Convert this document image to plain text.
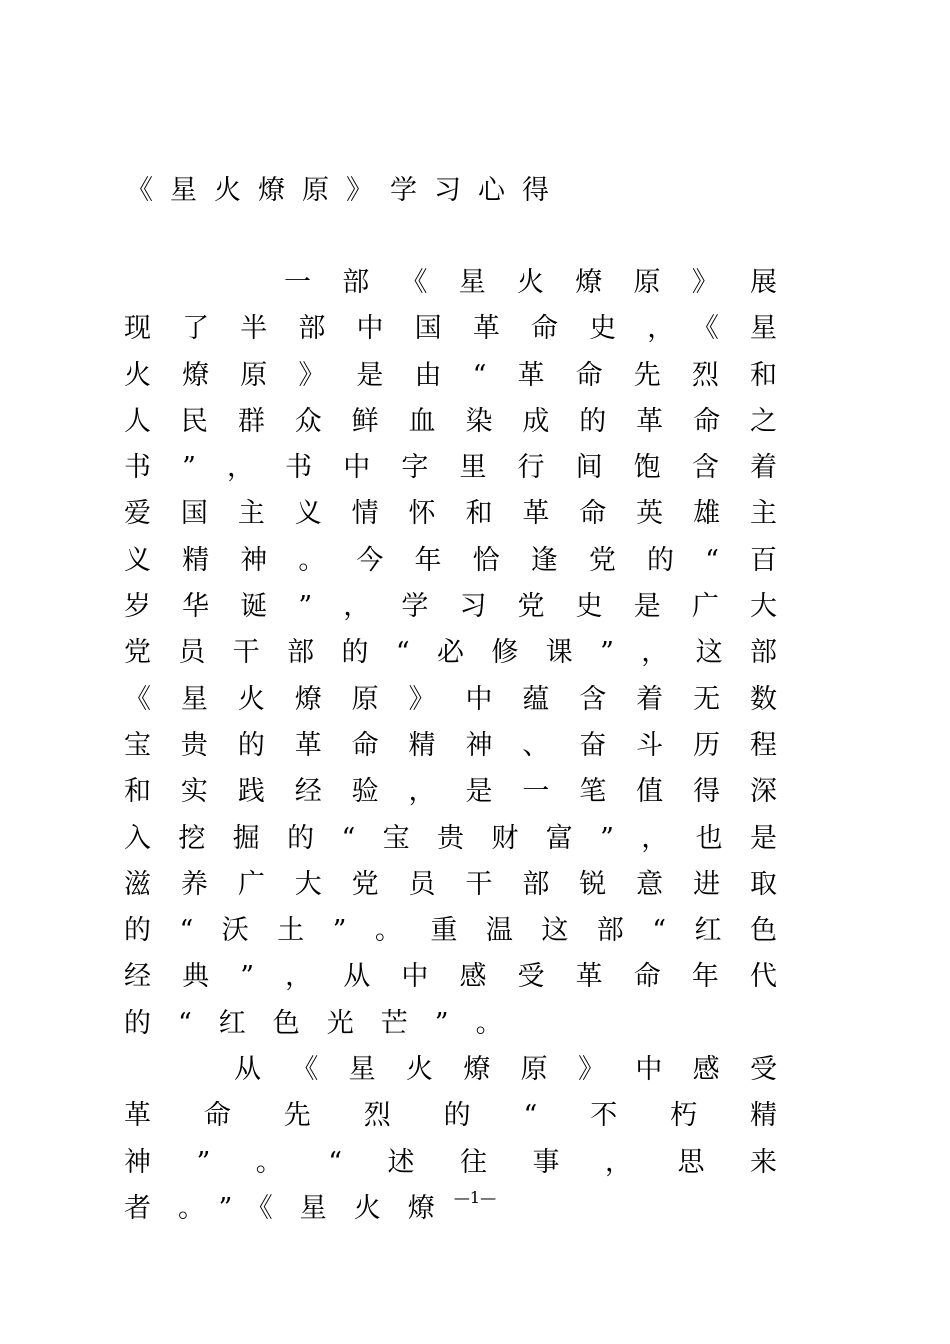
《星火燎原》学习心得

一部《星火燎原》展现了半部中国革命史，《星火燎原》是由“革命先烈和人民群众鲜血染成的革命之书”，书中字里行间饱含着爱国主义情怀和革命英雄主义精神。今年恰逢党的“百岁华诞”，学习党史是广大党员干部的“必修课”，这部《星火燎原》中蕴含着无数宝贵的革命精神、奋斗历程和实践经验，是一笔值得深入挖掘的“宝贵财富”，也是滋养广大党员干部锐意进取的“沃土”。重温这部“红色经典”，从中感受革命年代的“红色光芒”。

从《星火燎原》中感受革命先烈的“不朽精神”。“述往事，思来者。”《星火燎

—1—
